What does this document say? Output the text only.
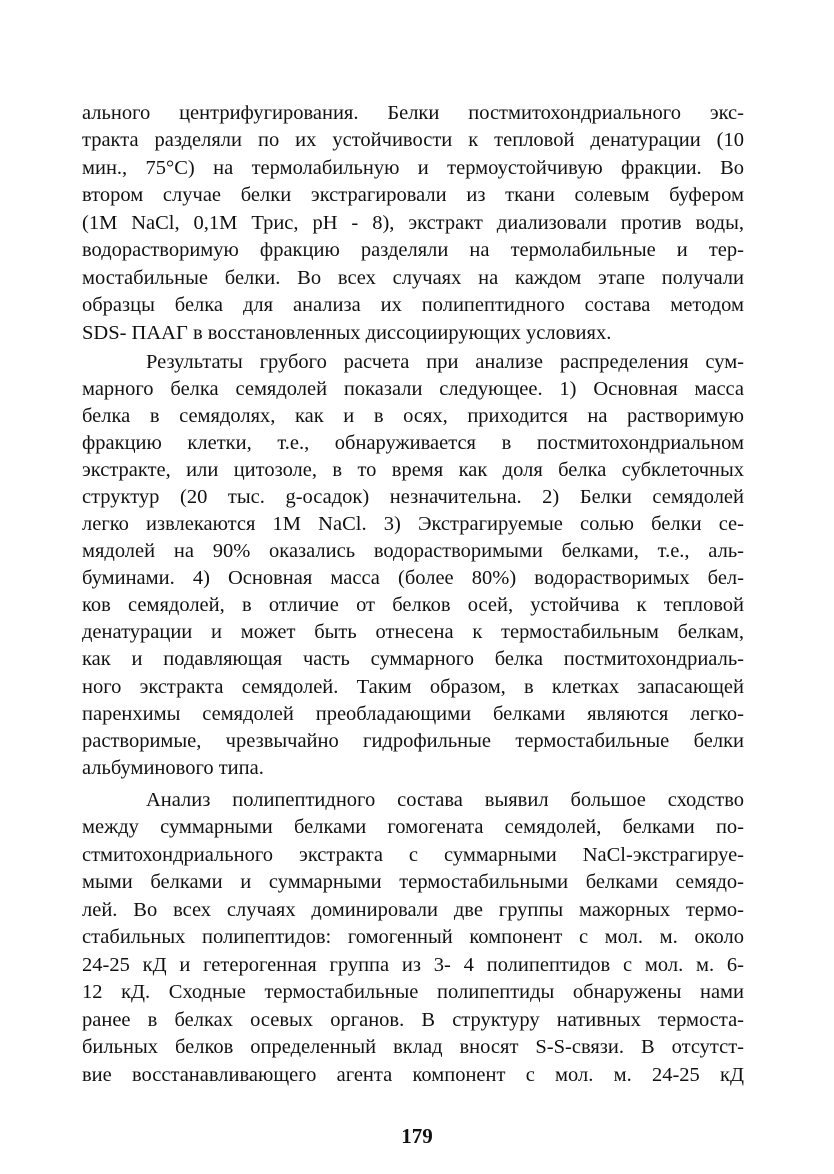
ального центрифугирования. Белки постмитохондриального экс-
тракта разделяли по их устойчивости к тепловой денатурации (10
мин., 75°С) на термолабильную и термоустойчивую фракции. Во
втором случае белки экстрагировали из ткани солевым буфером
(1М NaCl, 0,1М Трис, рН - 8), экстракт диализовали против воды,
водорастворимую фракцию разделяли на термолабильные и тер-
мостабильные белки. Во всех случаях на каждом этапе получали
образцы белка для анализа их полипептидного состава методом
SDS- ПААГ в восстановленных диссоциирующих условиях.
Результаты грубого расчета при анализе распределения сум-
марного белка семядолей показали следующее. 1) Основная масса
белка в семядолях, как и в осях, приходится на растворимую
фракцию клетки, т.е., обнаруживается в постмитохондриальном
экстракте, или цитозоле, в то время как доля белка субклеточных
структур (20 тыс. g-осадок) незначительна. 2) Белки семядолей
легко извлекаются 1М NaCl. 3) Экстрагируемые солью белки се-
мядолей на 90% оказались водорастворимыми белками, т.е., аль-
буминами. 4) Основная масса (более 80%) водорастворимых бел-
ков семядолей, в отличие от белков осей, устойчива к тепловой
денатурации и может быть отнесена к термостабильным белкам,
как и подавляющая часть суммарного белка постмитохондриаль-
ного экстракта семядолей. Таким образом, в клетках запасающей
паренхимы семядолей преобладающими белками являются легко-
растворимые, чрезвычайно гидрофильные термостабильные белки
альбуминового типа.
Анализ полипептидного состава выявил большое сходство
между суммарными белками гомогената семядолей, белками по-
стмитохондриального экстракта с суммарными NaCl-экстрагируе-
мыми белками и суммарными термостабильными белками семядо-
лей. Во всех случаях доминировали две группы мажорных термо-
стабильных полипептидов: гомогенный компонент с мол. м. около
24-25 кД и гетерогенная группа из 3- 4 полипептидов с мол. м. 6-
12 кД. Сходные термостабильные полипептиды обнаружены нами
ранее в белках осевых органов. В структуру нативных термоста-
бильных белков определенный вклад вносят S-S-связи. В отсутст-
вие восстанавливающего агента компонент с мол. м. 24-25 кД
179
